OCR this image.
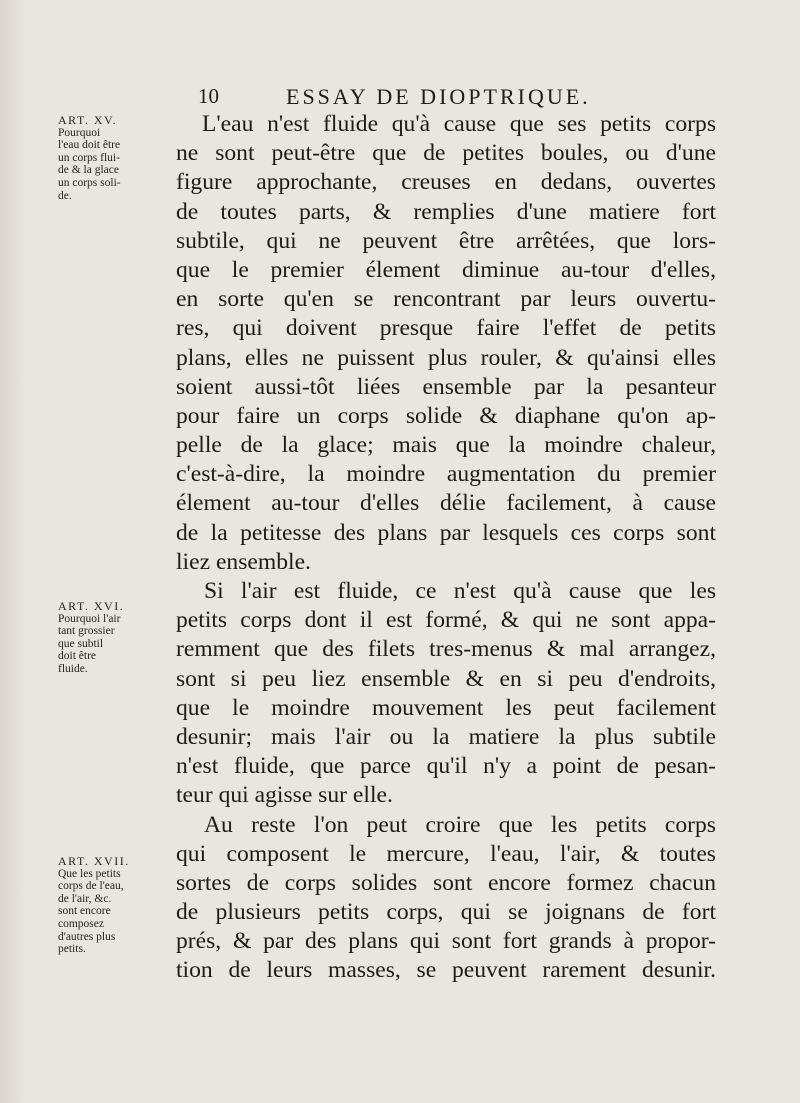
10	ESSAY DE DIOPTRIQUE.
ART. XV.
Pourquoi
l'eau doit être
un corps flui-
de & la glace
un corps soli-
de.
ART. XVI.
Pourquoi l'air
tant grossier
que subtil
doit être
fluide.
ART. XVII.
Que les petits
corps de l'eau,
de l'air, &c.
sont encore
composez
d'autres plus
petits.
L'eau n'est fluide qu'à cause que ses petits corps
ne sont peut-être que de petites boules, ou d'une
figure approchante, creuses en dedans, ouvertes
de toutes parts, & remplies d'une matiere fort
subtile, qui ne peuvent être arrêtées, que lors-
que le premier élement diminue au-tour d'elles,
en sorte qu'en se rencontrant par leurs ouvertu-
res, qui doivent presque faire l'effet de petits
plans, elles ne puissent plus rouler, & qu'ainsi elles
soient aussi-tôt liées ensemble par la pesanteur
pour faire un corps solide & diaphane qu'on ap-
pelle de la glace; mais que la moindre chaleur,
c'est-à-dire, la moindre augmentation du premier
élement au-tour d'elles délie facilement, à cause
de la petitesse des plans par lesquels ces corps sont
liez ensemble.
Si l'air est fluide, ce n'est qu'à cause que les
petits corps dont il est formé, & qui ne sont appa-
remment que des filets tres-menus & mal arrangez,
sont si peu liez ensemble & en si peu d'endroits,
que le moindre mouvement les peut facilement
desunir; mais l'air ou la matiere la plus subtile
n'est fluide, que parce qu'il n'y a point de pesan-
teur qui agisse sur elle.
Au reste l'on peut croire que les petits corps
qui composent le mercure, l'eau, l'air, & toutes
sortes de corps solides sont encore formez chacun
de plusieurs petits corps, qui se joignans de fort
prés, & par des plans qui sont fort grands à propor-
tion de leurs masses, se peuvent rarement desunir.
